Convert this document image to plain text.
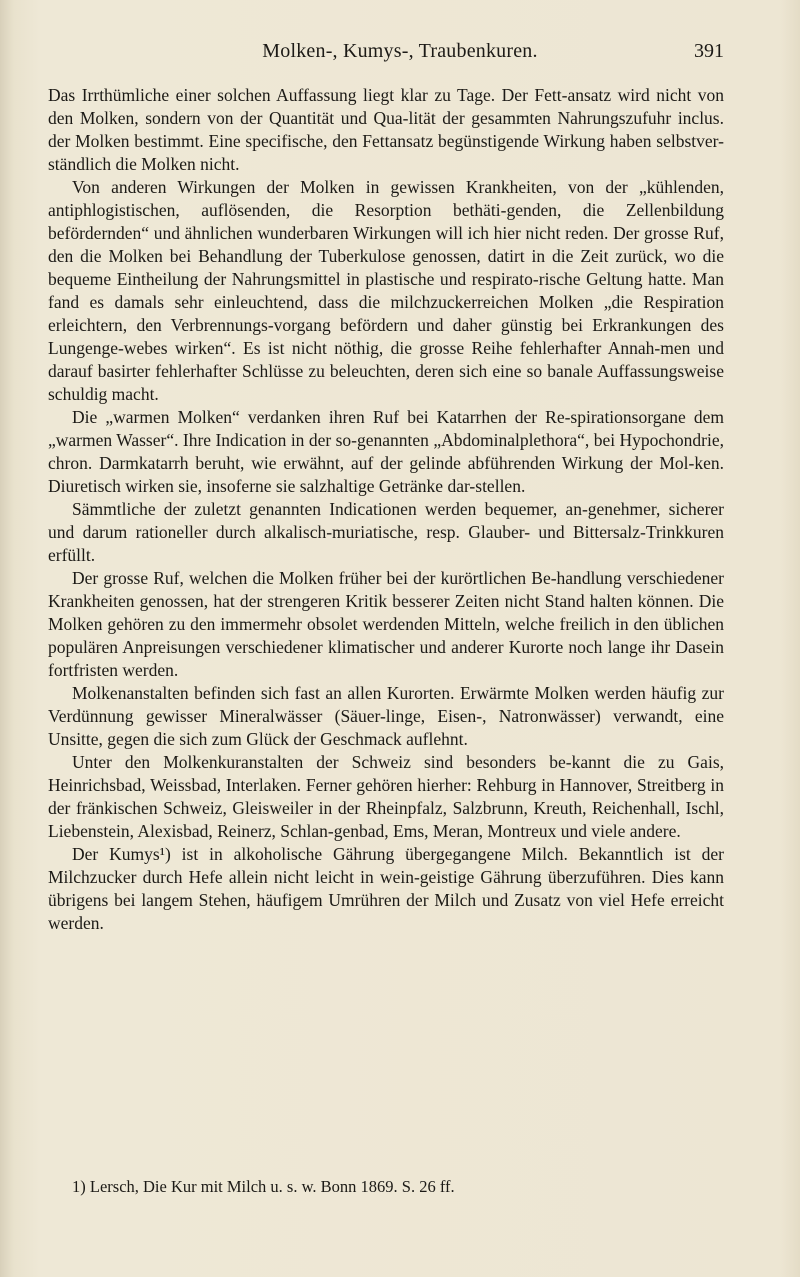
Molken-, Kumys-, Traubenkuren.	391

Das Irrthümliche einer solchen Auffassung liegt klar zu Tage. Der Fett-ansatz wird nicht von den Molken, sondern von der Quantität und Qua-lität der gesammten Nahrungszufuhr inclus. der Molken bestimmt. Eine specifische, den Fettansatz begünstigende Wirkung haben selbstver-ständlich die Molken nicht.

Von anderen Wirkungen der Molken in gewissen Krankheiten, von der „kühlenden, antiphlogistischen, auflösenden, die Resorption bethäti-genden, die Zellenbildung befördernden“ und ähnlichen wunderbaren Wirkungen will ich hier nicht reden. Der grosse Ruf, den die Molken bei Behandlung der Tuberkulose genossen, datirt in die Zeit zurück, wo die bequeme Eintheilung der Nahrungsmittel in plastische und respirato-rische Geltung hatte. Man fand es damals sehr einleuchtend, dass die milchzuckerreichen Molken „die Respiration erleichtern, den Verbrennungs-vorgang befördern und daher günstig bei Erkrankungen des Lungenge-webes wirken“. Es ist nicht nöthig, die grosse Reihe fehlerhafter Annah-men und darauf basirter fehlerhafter Schlüsse zu beleuchten, deren sich eine so banale Auffassungsweise schuldig macht.

Die „warmen Molken“ verdanken ihren Ruf bei Katarrhen der Re-spirationsorgane dem „warmen Wasser“. Ihre Indication in der so-genannten „Abdominalplethora“, bei Hypochondrie, chron. Darmkatarrh beruht, wie erwähnt, auf der gelinde abführenden Wirkung der Mol-ken. Diuretisch wirken sie, insoferne sie salzhaltige Getränke dar-stellen.

Sämmtliche der zuletzt genannten Indicationen werden bequemer, an-genehmer, sicherer und darum rationeller durch alkalisch-muriatische, resp. Glauber- und Bittersalz-Trinkkuren erfüllt.

Der grosse Ruf, welchen die Molken früher bei der kurörtlichen Be-handlung verschiedener Krankheiten genossen, hat der strengeren Kritik besserer Zeiten nicht Stand halten können. Die Molken gehören zu den immermehr obsolet werdenden Mitteln, welche freilich in den üblichen populären Anpreisungen verschiedener klimatischer und anderer Kurorte noch lange ihr Dasein fortfristen werden.

Molkenanstalten befinden sich fast an allen Kurorten. Erwärmte Molken werden häufig zur Verdünnung gewisser Mineralwässer (Säuer-linge, Eisen-, Natronwässer) verwandt, eine Unsitte, gegen die sich zum Glück der Geschmack auflehnt.

Unter den Molkenkuranstalten der Schweiz sind besonders be-kannt die zu Gais, Heinrichsbad, Weissbad, Interlaken. Ferner gehören hierher: Rehburg in Hannover, Streitberg in der fränkischen Schweiz, Gleisweiler in der Rheinpfalz, Salzbrunn, Kreuth, Reichenhall, Ischl, Liebenstein, Alexisbad, Reinerz, Schlan-genbad, Ems, Meran, Montreux und viele andere.

Der Kumys¹) ist in alkoholische Gährung übergegangene Milch. Bekanntlich ist der Milchzucker durch Hefe allein nicht leicht in wein-geistige Gährung überzuführen. Dies kann übrigens bei langem Stehen, häufigem Umrühren der Milch und Zusatz von viel Hefe erreicht werden.

1) Lersch, Die Kur mit Milch u. s. w. Bonn 1869. S. 26 ff.
